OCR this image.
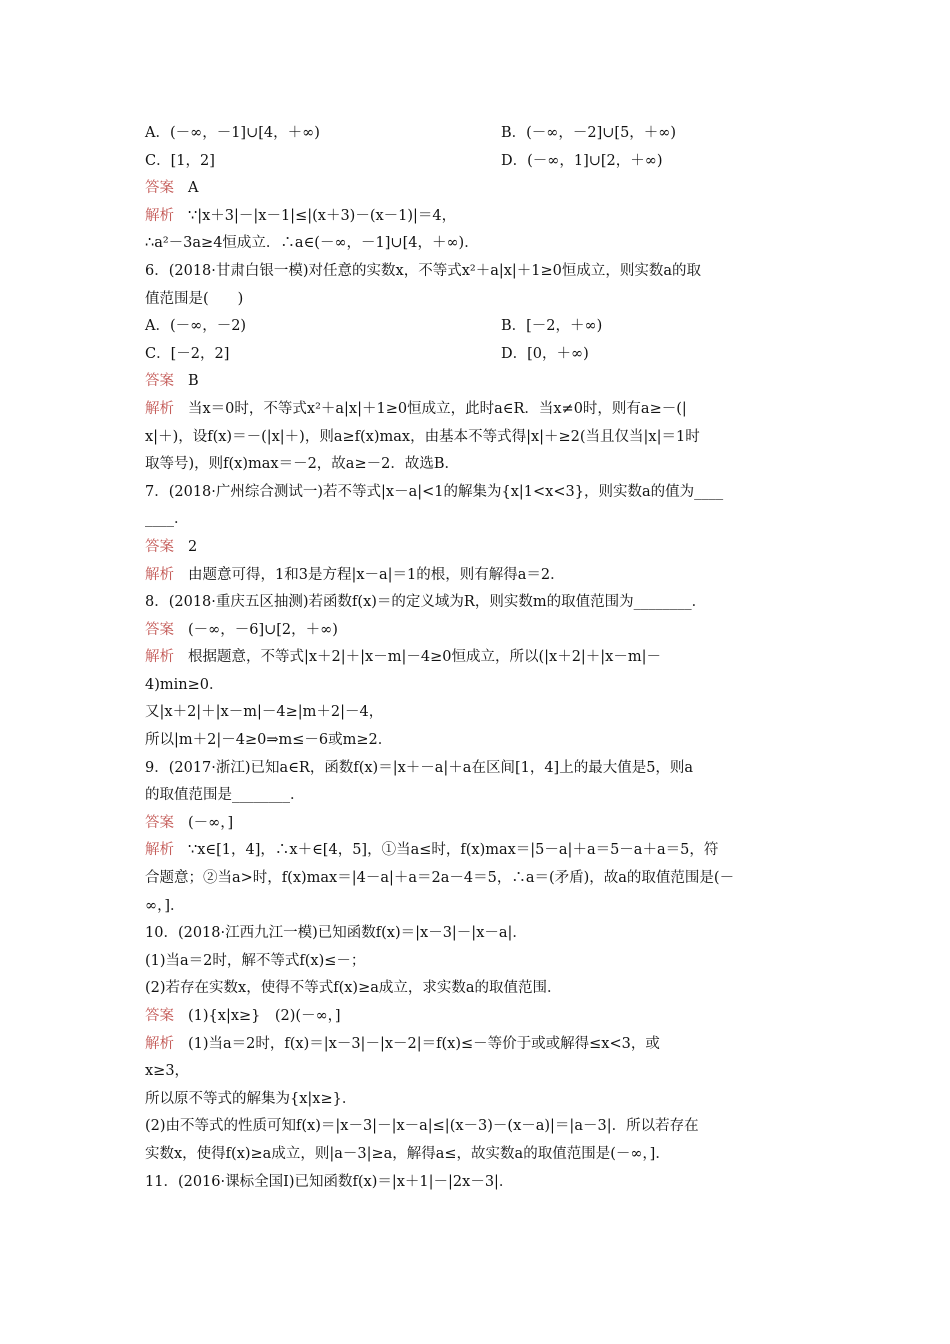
A．(－∞，－1]∪[4，＋∞)	B．(－∞，－2]∪[5，＋∞)
C．[1，2]	D．(－∞，1]∪[2，＋∞)
答案 A
解析 ∵|x＋3|－|x－1|≤|(x＋3)－(x－1)|＝4，
∴a²－3a≥4恒成立．∴a∈(－∞，－1]∪[4，＋∞)．
6．(2018·甘肃白银一模)对任意的实数x，不等式x²＋a|x|＋1≥0恒成立，则实数a的取
值范围是(　　)
A．(－∞，－2)	B．[－2，＋∞)
C．[－2，2]	D．[0，＋∞)
答案 B
解析 当x＝0时，不等式x²＋a|x|＋1≥0恒成立，此时a∈R．当x≠0时，则有a≥－(|
x|＋)，设f(x)＝－(|x|＋)，则a≥f(x)max，由基本不等式得|x|＋≥2(当且仅当|x|＝1时
取等号)，则f(x)max＝－2，故a≥－2．故选B．
7．(2018·广州综合测试一)若不等式|x－a|<1的解集为{x|1<x<3}，则实数a的值为____
____．
答案 2
解析 由题意可得，1和3是方程|x－a|＝1的根，则有解得a＝2．
8．(2018·重庆五区抽测)若函数f(x)＝的定义域为R，则实数m的取值范围为________．
答案 (－∞，－6]∪[2，＋∞)
解析 根据题意，不等式|x＋2|＋|x－m|－4≥0恒成立，所以(|x＋2|＋|x－m|－
4)min≥0．
又|x＋2|＋|x－m|－4≥|m＋2|－4，
所以|m＋2|－4≥0⇒m≤－6或m≥2．
9．(2017·浙江)已知a∈R，函数f(x)＝|x＋－a|＋a在区间[1，4]上的最大值是5，则a
的取值范围是________．
答案 (－∞，]
解析 ∵x∈[1，4]，∴x＋∈[4，5]，①当a≤时，f(x)max＝|5－a|＋a＝5－a＋a＝5，符
合题意；②当a>时，f(x)max＝|4－a|＋a＝2a－4＝5，∴a＝(矛盾)，故a的取值范围是(－
∞，]．
10．(2018·江西九江一模)已知函数f(x)＝|x－3|－|x－a|．
(1)当a＝2时，解不等式f(x)≤－；
(2)若存在实数x，使得不等式f(x)≥a成立，求实数a的取值范围．
答案 (1){x|x≥}　(2)(－∞，]
解析 (1)当a＝2时，f(x)＝|x－3|－|x－2|＝f(x)≤－等价于或或解得≤x<3，或
x≥3，
所以原不等式的解集为{x|x≥}．
(2)由不等式的性质可知f(x)＝|x－3|－|x－a|≤|(x－3)－(x－a)|＝|a－3|．所以若存在
实数x，使得f(x)≥a成立，则|a－3|≥a，解得a≤，故实数a的取值范围是(－∞，]．
11．(2016·课标全国Ⅰ)已知函数f(x)＝|x＋1|－|2x－3|．
